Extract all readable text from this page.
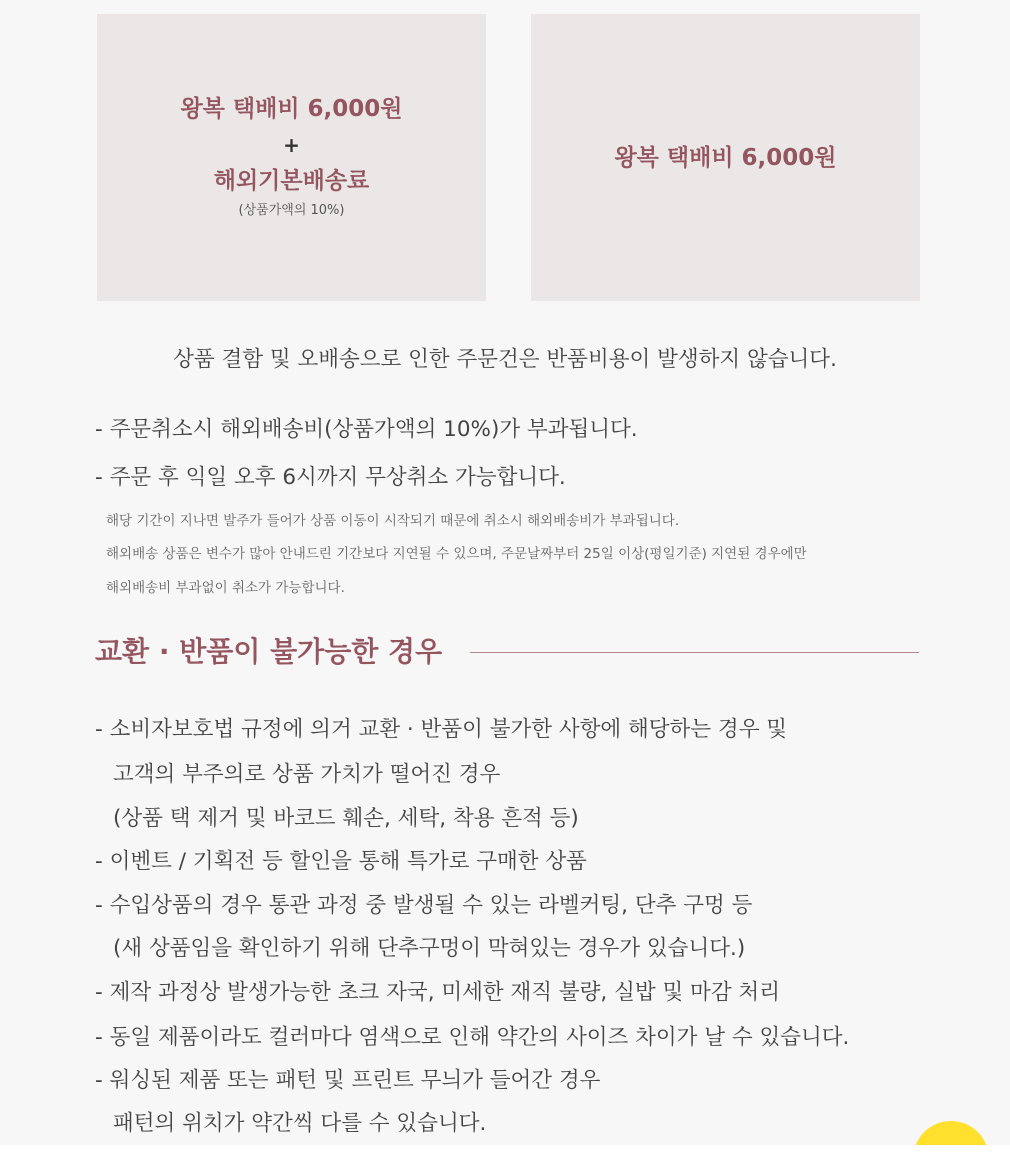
왕복 택배비 6,000원
+
해외기본배송료
(상품가액의 10%)
왕복 택배비 6,000원
상품 결함 및 오배송으로 인한 주문건은 반품비용이 발생하지 않습니다.
- 주문취소시 해외배송비(상품가액의 10%)가 부과됩니다.
- 주문 후 익일 오후 6시까지 무상취소 가능합니다.
해당 기간이 지나면 발주가 들어가 상품 이동이 시작되기 때문에 취소시 해외배송비가 부과됩니다.
해외배송 상품은 변수가 많아 안내드린 기간보다 지연될 수 있으며, 주문날짜부터 25일 이상(평일기준) 지연된 경우에만
해외배송비 부과없이 취소가 가능합니다.
교환 · 반품이 불가능한 경우
- 소비자보호법 규정에 의거 교환 · 반품이 불가한 사항에 해당하는 경우 및
고객의 부주의로 상품 가치가 떨어진 경우
(상품 택 제거 및 바코드 훼손, 세탁, 착용 흔적 등)
- 이벤트 / 기획전 등 할인을 통해 특가로 구매한 상품
- 수입상품의 경우 통관 과정 중 발생될 수 있는 라벨커팅, 단추 구멍 등
(새 상품임을 확인하기 위해 단추구멍이 막혀있는 경우가 있습니다.)
- 제작 과정상 발생가능한 초크 자국, 미세한 재직 불량, 실밥 및 마감 처리
- 동일 제품이라도 컬러마다 염색으로 인해 약간의 사이즈 차이가 날 수 있습니다.
- 워싱된 제품 또는 패턴 및 프린트 무늬가 들어간 경우
패턴의 위치가 약간씩 다를 수 있습니다.
